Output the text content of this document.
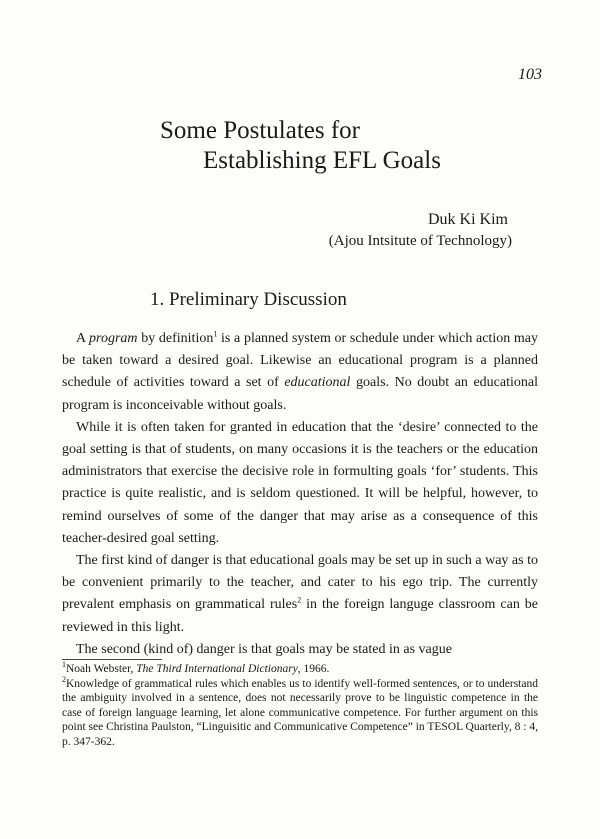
103
Some Postulates for
Establishing EFL Goals
Duk Ki Kim
(Ajou Intsitute of Technology)
1. Preliminary Discussion

A program by definition$^1$ is a planned system or schedule under which action may be taken toward a desired goal. Likewise an educational program is a planned schedule of activities toward a set of educational goals. No doubt an educational program is inconceivable without goals.

While it is often taken for granted in education that the ‘desire’ connected to the goal setting is that of students, on many occasions it is the teachers or the education administrators that exercise the decisive role in formulting goals ‘for’ students. This practice is quite realistic, and is seldom questioned. It will be helpful, however, to remind ourselves of some of the danger that may arise as a consequence of this teacher-desired goal setting.

The first kind of danger is that educational goals may be set up in such a way as to be convenient primarily to the teacher, and cater to his ego trip. The currently prevalent emphasis on grammatical rules$^2$ in the foreign languge classroom can be reviewed in this light.

The second (kind of) danger is that goals may be stated in as vague

$^1$Noah Webster, The Third International Dictionary, 1966.

$^2$Knowledge of grammatical rules which enables us to identify well-formed sentences, or to understand the ambiguity involved in a sentence, does not necessarily prove to be linguistic competence in the case of foreign language learning, let alone communicative competence. For further argument on this point see Christina Paulston, “Linguisitic and Communicative Competence” in TESOL Quarterly, 8 : 4, p. 347-362.
